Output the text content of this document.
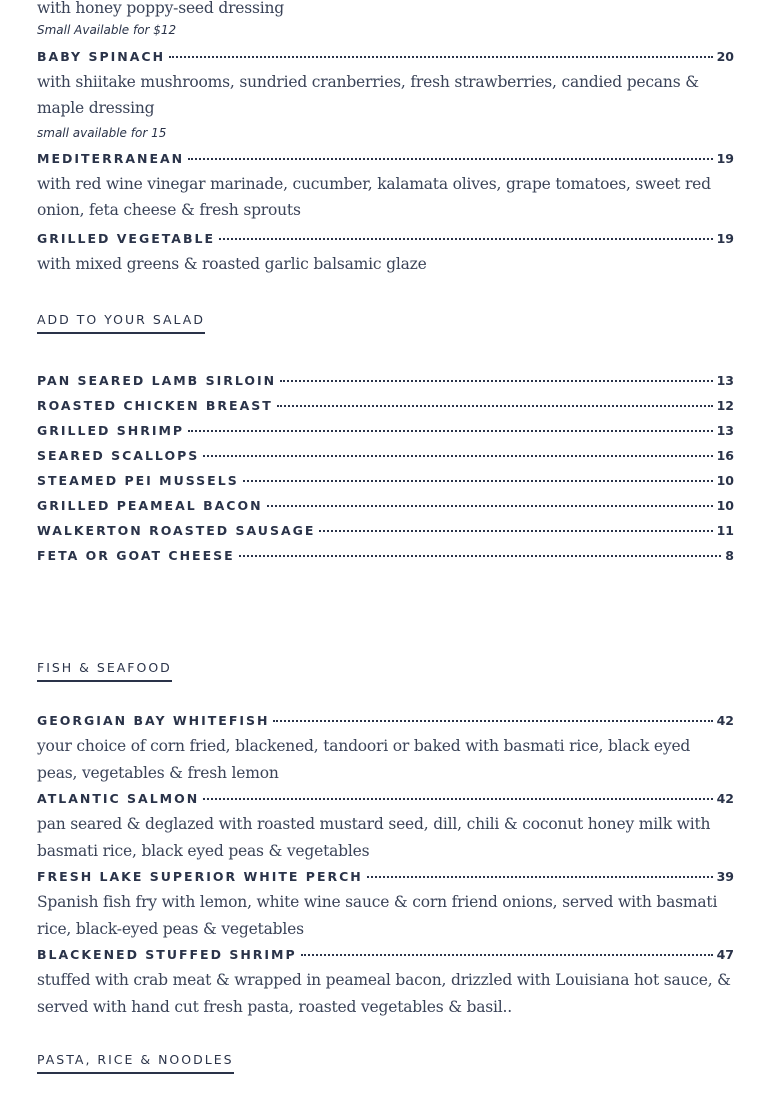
with honey poppy-seed dressing

Small Available for $12

BABY SPINACH	20

with shiitake mushrooms, sundried cranberries, fresh strawberries, candied pecans & maple dressing

small available for 15

MEDITERRANEAN	19

with red wine vinegar marinade, cucumber, kalamata olives, grape tomatoes, sweet red onion, feta cheese & fresh sprouts

GRILLED VEGETABLE	19

with mixed greens & roasted garlic balsamic glaze

ADD TO YOUR SALAD
PAN SEARED LAMB SIRLOIN	13
ROASTED CHICKEN BREAST	12
GRILLED SHRIMP	13
SEARED SCALLOPS	16
STEAMED PEI MUSSELS	10
GRILLED PEAMEAL BACON	10
WALKERTON ROASTED SAUSAGE	11
FETA OR GOAT CHEESE	8
FISH & SEAFOOD
GEORGIAN BAY WHITEFISH	42

your choice of corn fried, blackened, tandoori or baked with basmati rice, black eyed peas, vegetables & fresh lemon

ATLANTIC SALMON	42

pan seared & deglazed with roasted mustard seed, dill, chili & coconut honey milk with basmati rice, black eyed peas & vegetables

FRESH LAKE SUPERIOR WHITE PERCH	39

Spanish fish fry with lemon, white wine sauce & corn friend onions, served with basmati rice, black-eyed peas & vegetables

BLACKENED STUFFED SHRIMP	47

stuffed with crab meat & wrapped in peameal bacon, drizzled with Louisiana hot sauce, & served with hand cut fresh pasta, roasted vegetables & basil..

PASTA, RICE & NOODLES
